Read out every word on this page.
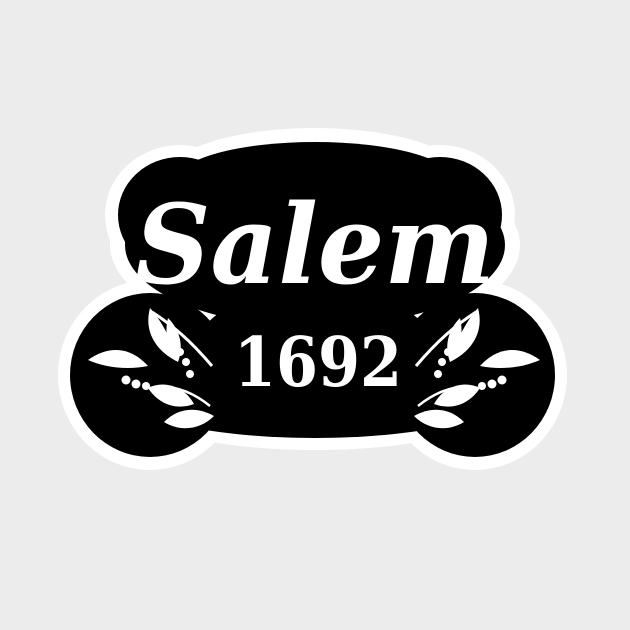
Salem
1692
